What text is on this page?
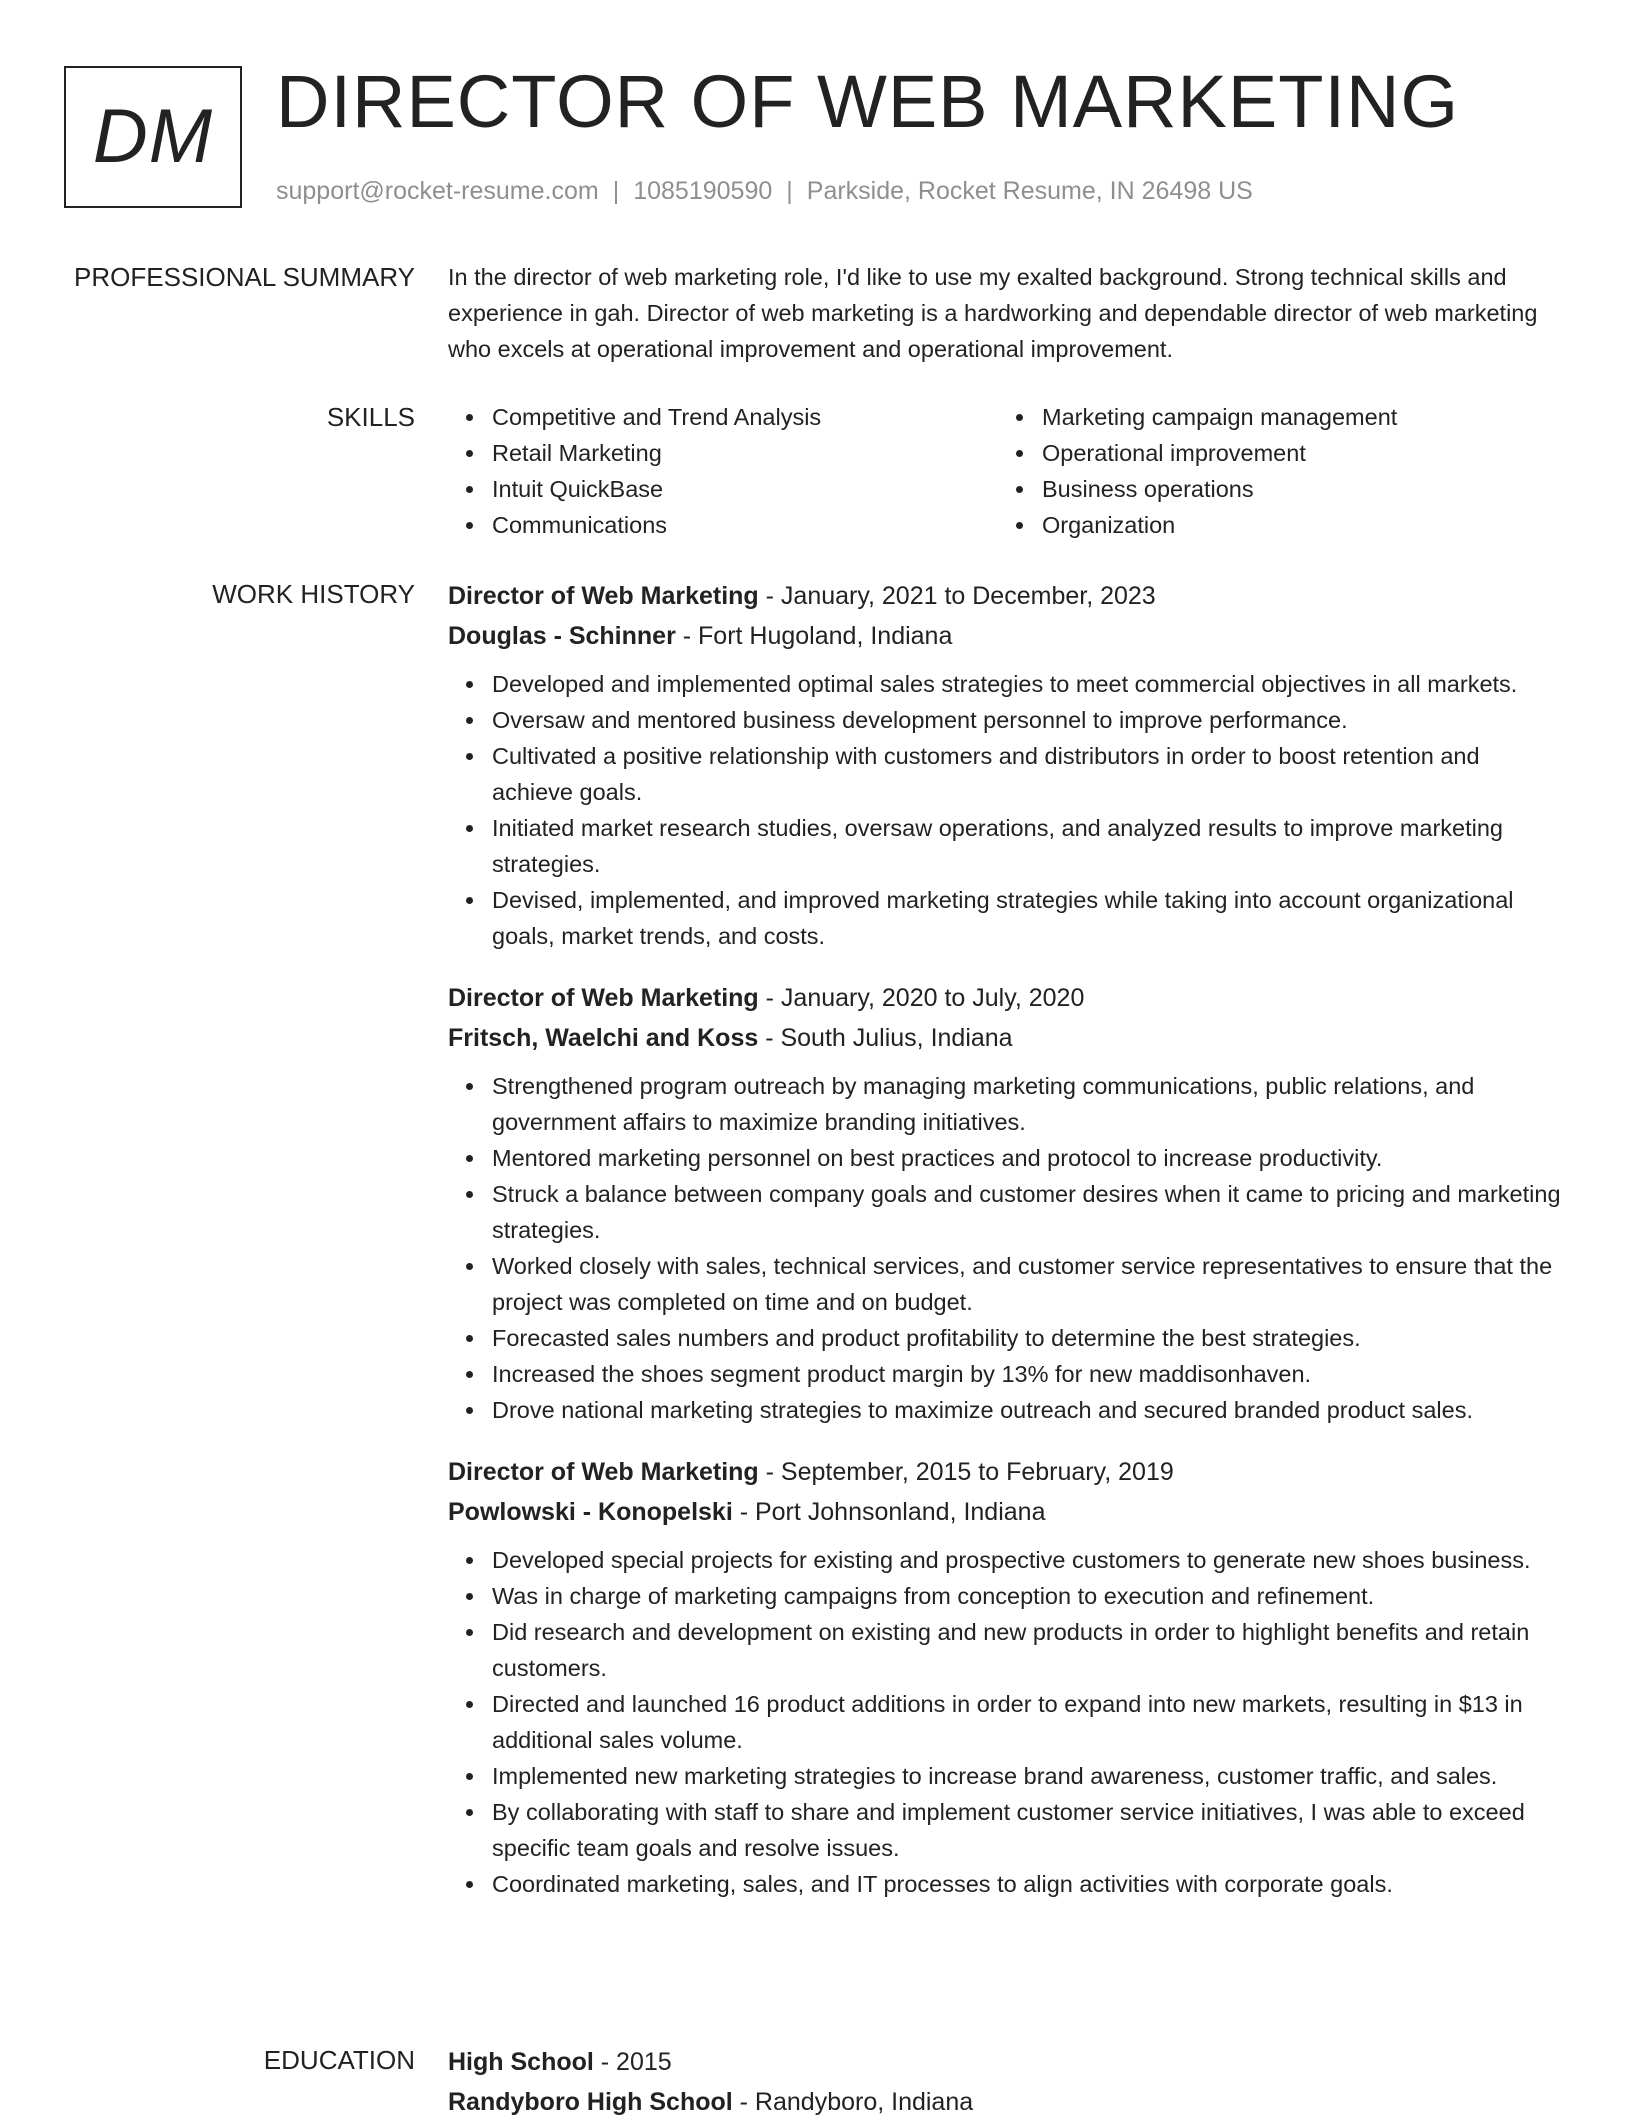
DM DIRECTOR OF WEB MARKETING
support@rocket-resume.com | 1085190590 | Parkside, Rocket Resume, IN 26498 US
PROFESSIONAL SUMMARY In the director of web marketing role, I'd like to use my exalted background. Strong technical skills and experience in gah. Director of web marketing is a hardworking and dependable director of web marketing who excels at operational improvement and operational improvement.

SKILLS	Competitive and Trend Analysis
Retail Marketing
Intuit QuickBase
Communications
Marketing campaign management
Operational improvement
Business operations
Organization
WORK HISTORY Director of Web Marketing - January, 2021 to December, 2023
Douglas - Schinner - Fort Hugoland, Indiana
Developed and implemented optimal sales strategies to meet commercial objectives in all markets.
Oversaw and mentored business development personnel to improve performance.
Cultivated a positive relationship with customers and distributors in order to boost retention and achieve goals.
Initiated market research studies, oversaw operations, and analyzed results to improve marketing strategies.
Devised, implemented, and improved marketing strategies while taking into account organizational goals, market trends, and costs.
Director of Web Marketing - January, 2020 to July, 2020
Fritsch, Waelchi and Koss - South Julius, Indiana
Strengthened program outreach by managing marketing communications, public relations, and government affairs to maximize branding initiatives.
Mentored marketing personnel on best practices and protocol to increase productivity.
Struck a balance between company goals and customer desires when it came to pricing and marketing strategies.
Worked closely with sales, technical services, and customer service representatives to ensure that the project was completed on time and on budget.
Forecasted sales numbers and product profitability to determine the best strategies.
Increased the shoes segment product margin by 13% for new maddisonhaven.
Drove national marketing strategies to maximize outreach and secured branded product sales.
Director of Web Marketing - September, 2015 to February, 2019
Powlowski - Konopelski - Port Johnsonland, Indiana
Developed special projects for existing and prospective customers to generate new shoes business.
Was in charge of marketing campaigns from conception to execution and refinement.
Did research and development on existing and new products in order to highlight benefits and retain customers.
Directed and launched 16 product additions in order to expand into new markets, resulting in $13 in additional sales volume.
Implemented new marketing strategies to increase brand awareness, customer traffic, and sales.
By collaborating with staff to share and implement customer service initiatives, I was able to exceed specific team goals and resolve issues.
Coordinated marketing, sales, and IT processes to align activities with corporate goals.
EDUCATION High School - 2015
Randyboro High School - Randyboro, Indiana
